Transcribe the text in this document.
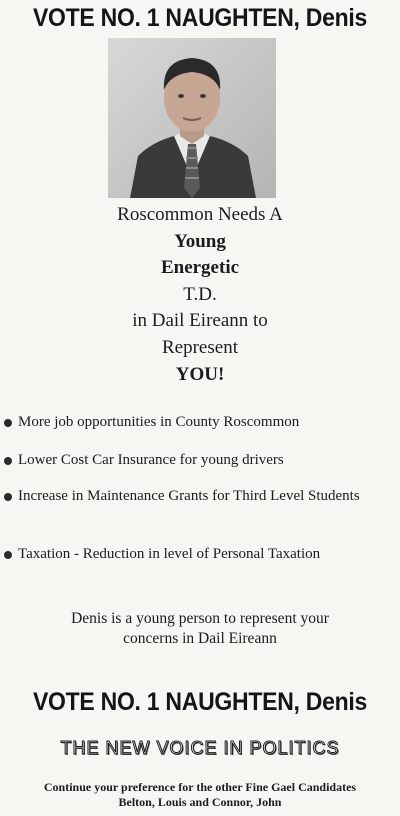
VOTE NO. 1 NAUGHTEN, Denis
Roscommon Needs A
Young
Energetic
T.D.
in Dail Eireann to
Represent
YOU!
More job opportunities in County Roscommon
Lower Cost Car Insurance for young drivers
Increase in Maintenance Grants for Third Level Students
Taxation - Reduction in level of Personal Taxation
Denis is a young person to represent your concerns in Dail Eireann
VOTE NO. 1 NAUGHTEN, Denis
THE NEW VOICE IN POLITICS
Continue your preference for the other Fine Gael Candidates
Belton, Louis and Connor, John
